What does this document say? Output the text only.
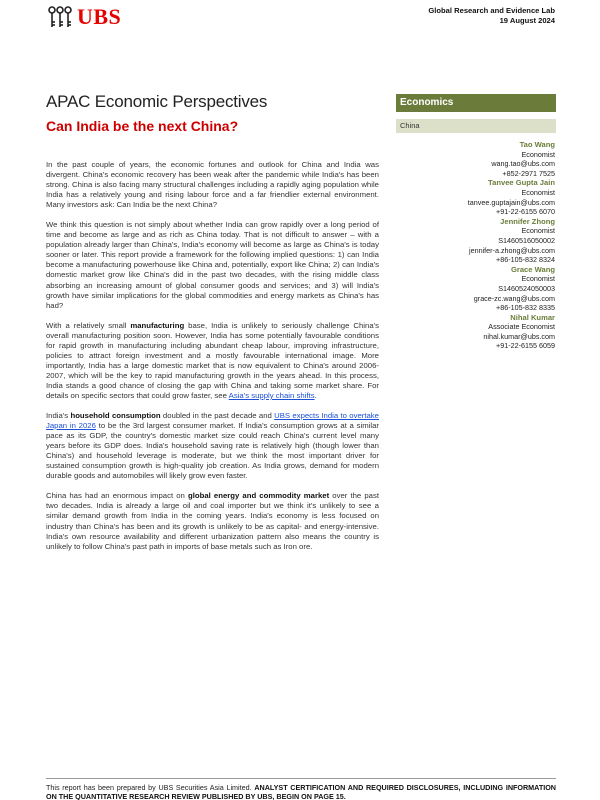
UBS	Global Research and Evidence Lab
19 August 2024
APAC Economic Perspectives
Can India be the next China?
Economics
China
Tao Wang
Economist
wang.tao@ubs.com
+852-2971 7525
Tanvee Gupta Jain
Economist
tanvee.guptajain@ubs.com
+91-22-6155 6070
Jennifer Zhong
Economist
S1460516050002
jennifer-a.zhong@ubs.com
+86-105-832 8324
Grace Wang
Economist
S1460524050003
grace-zc.wang@ubs.com
+86-105-832 8335
Nihal Kumar
Associate Economist
nihal.kumar@ubs.com
+91-22-6155 6059

In the past couple of years, the economic fortunes and outlook for China and India was divergent. China's economic recovery has been weak after the pandemic while India's has been strong. China is also facing many structural challenges including a rapidly aging population while India has a relatively young and rising labour force and a far friendlier external environment. Many investors ask: Can India be the next China?

We think this question is not simply about whether India can grow rapidly over a long period of time and become as large and as rich as China today. That is not difficult to answer – with a population already larger than China's, India's economy will become as large as China's is today sooner or later. This report provide a framework for the following implied questions: 1) can India become a manufacturing powerhouse like China and, potentially, export like China; 2) can India's domestic market grow like China's did in the past two decades, with the rising middle class absorbing an increasing amount of global consumer goods and services; and 3) will India's growth have similar implications for the global commodities and energy markets as China's has had?

With a relatively small manufacturing base, India is unlikely to seriously challenge China's overall manufacturing position soon. However, India has some potentially favourable conditions for rapid growth in manufacturing including abundant cheap labour, improving infrastructure, policies to attract foreign investment and a mostly favourable international image. More importantly, India has a large domestic market that is now equivalent to China's around 2006-2007, which will be the key to rapid manufacturing growth in the years ahead. In this process, India stands a good chance of closing the gap with China and taking some market share. For details on specific sectors that could grow faster, see Asia's supply chain shifts.

India's household consumption doubled in the past decade and UBS expects India to overtake Japan in 2026 to be the 3rd largest consumer market. If India's consumption grows at a similar pace as its GDP, the country's domestic market size could reach China's current level many years before its GDP does. India's household saving rate is relatively high (though lower than China's) and household leverage is moderate, but we think the most important driver for sustained consumption growth is high-quality job creation. As India grows, demand for modern durable goods and automobiles will likely grow even faster.

China has had an enormous impact on global energy and commodity market over the past two decades. India is already a large oil and coal importer but we think it's unlikely to see a similar demand growth from India in the coming years. India's economy is less focused on industry than China's has been and its growth is unlikely to be as capital- and energy-intensive. India's own resource availability and different urbanization pattern also means the country is unlikely to follow China's past path in imports of base metals such as Iron ore.

This report has been prepared by UBS Securities Asia Limited. ANALYST CERTIFICATION AND REQUIRED DISCLOSURES, INCLUDING INFORMATION ON THE QUANTITATIVE RESEARCH REVIEW PUBLISHED BY UBS, BEGIN ON PAGE 15.
